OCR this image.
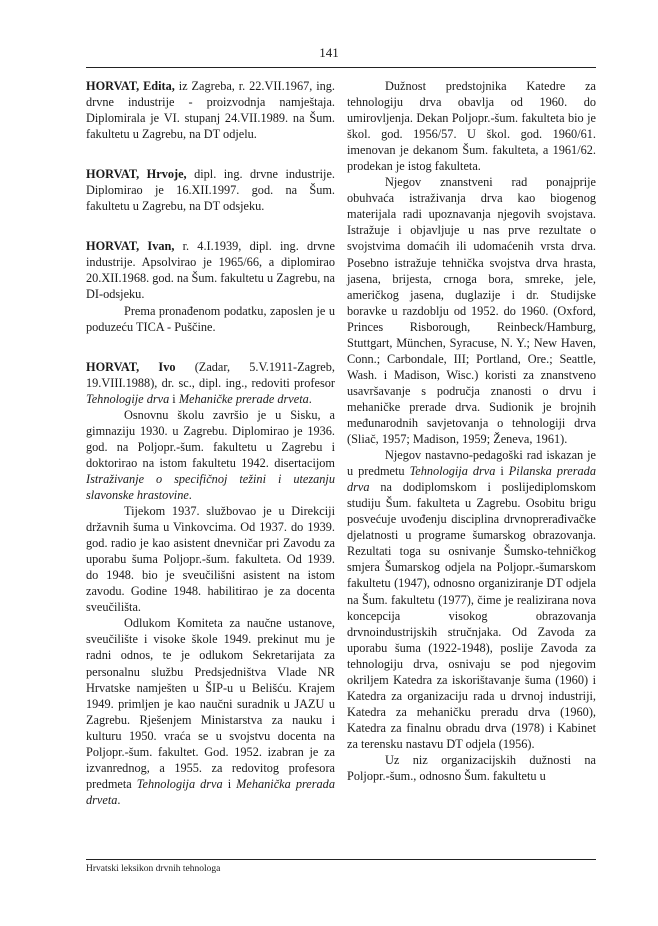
141

HORVAT, Edita, iz Zagreba, r. 22.VII.1967, ing. drvne industrije - proizvodnja namještaja. Diplomirala je VI. stupanj 24.VII.1989. na Šum. fakultetu u Zagrebu, na DT odjelu.

HORVAT, Hrvoje, dipl. ing. drvne industrije. Diplomirao je 16.XII.1997. god. na Šum. fakultetu u Zagrebu, na DT odsjeku.

HORVAT, Ivan, r. 4.I.1939, dipl. ing. drvne industrije. Apsolvirao je 1965/66, a diplomirao 20.XII.1968. god. na Šum. fakultetu u Zagrebu, na DI-odsjeku.

Prema pronađenom podatku, zaposlen je u poduzeću TICA - Puščine.

HORVAT, Ivo (Zadar, 5.V.1911-Zagreb, 19.VIII.1988), dr. sc., dipl. ing., redoviti profesor Tehnologije drva i Mehaničke prerade drveta.

Osnovnu školu završio je u Sisku, a gimnaziju 1930. u Zagrebu. Diplomirao je 1936. god. na Poljopr.-šum. fakultetu u Zagrebu i doktorirao na istom fakultetu 1942. disertacijom Istraživanje o specifičnoj težini i utezanju slavonske hrastovine.

Tijekom 1937. službovao je u Direkciji državnih šuma u Vinkovcima. Od 1937. do 1939. god. radio je kao asistent dnevničar pri Zavodu za uporabu šuma Poljopr.-šum. fakulteta. Od 1939. do 1948. bio je sveučilišni asistent na istom zavodu. Godine 1948. habilitirao je za docenta sveučilišta.

Odlukom Komiteta za naučne ustanove, sveučilište i visoke škole 1949. prekinut mu je radni odnos, te je odlukom Sekretarijata za personalnu službu Predsjedništva Vlade NR Hrvatske namješten u ŠIP-u u Belišću. Krajem 1949. primljen je kao naučni suradnik u JAZU u Zagrebu. Rješenjem Ministarstva za nauku i kulturu 1950. vraća se u svojstvu docenta na Poljopr.-šum. fakultet. God. 1952. izabran je za izvanrednog, a 1955. za redovitog profesora predmeta Tehnologija drva i Mehanička prerada drveta.

Dužnost predstojnika Katedre za tehnologiju drva obavlja od 1960. do umirovljenja. Dekan Poljopr.-šum. fakulteta bio je škol. god. 1956/57. U škol. god. 1960/61. imenovan je dekanom Šum. fakulteta, a 1961/62. prodekan je istog fakulteta.

Njegov znanstveni rad ponajprije obuhvaća istraživanja drva kao biogenog materijala radi upoznavanja njegovih svojstava. Istražuje i objavljuje u nas prve rezultate o svojstvima domaćih ili udomaćenih vrsta drva. Posebno istražuje tehnička svojstva drva hrasta, jasena, brijesta, crnoga bora, smreke, jele, američkog jasena, duglazije i dr. Studijske boravke u razdoblju od 1952. do 1960. (Oxford, Princes Risborough, Reinbeck/Hamburg, Stuttgart, München, Syracuse, N. Y.; New Haven, Conn.; Carbondale, III; Portland, Ore.; Seattle, Wash. i Madison, Wisc.) koristi za znanstveno usavršavanje s područja znanosti o drvu i mehaničke prerade drva. Sudionik je brojnih međunarodnih savjetovanja o tehnologiji drva (Sliač, 1957; Madison, 1959; Ženeva, 1961).

Njegov nastavno-pedagoški rad iskazan je u predmetu Tehnologija drva i Pilanska prerada drva na dodiplomskom i poslijediplomskom studiju Šum. fakulteta u Zagrebu. Osobitu brigu posvećuje uvođenju disciplina drvnoprerađivačke djelatnosti u programe šumarskog obrazovanja. Rezultati toga su osnivanje Šumsko-tehničkog smjera Šumarskog odjela na Poljopr.-šumarskom fakultetu (1947), odnosno organiziranje DT odjela na Šum. fakultetu (1977), čime je realizirana nova koncepcija visokog obrazovanja drvnoindustrijskih stručnjaka. Od Zavoda za uporabu šuma (1922-1948), poslije Zavoda za tehnologiju drva, osnivaju se pod njegovim okriljem Katedra za iskorištavanje šuma (1960) i Katedra za organizaciju rada u drvnoj industriji, Katedra za mehaničku preradu drva (1960), Katedra za finalnu obradu drva (1978) i Kabinet za terensku nastavu DT odjela (1956).

Uz niz organizacijskih dužnosti na Poljopr.-šum., odnosno Šum. fakultetu u

Hrvatski leksikon drvnih tehnologa
